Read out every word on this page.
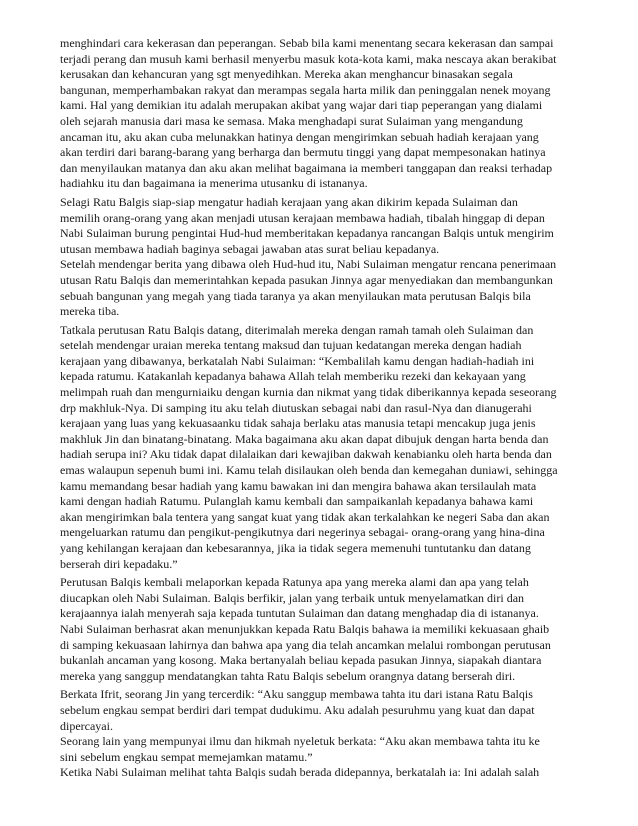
menghindari cara kekerasan dan peperangan. Sebab bila kami menentang secara kekerasan dan sampai
terjadi perang dan musuh kami berhasil menyerbu masuk kota-kota kami, maka nescaya akan berakibat
kerusakan dan kehancuran yang sgt menyedihkan. Mereka akan menghancur binasakan segala
bangunan, memperhambakan rakyat dan merampas segala harta milik dan peninggalan nenek moyang
kami. Hal yang demikian itu adalah merupakan akibat yang wajar dari tiap peperangan yang dialami
oleh sejarah manusia dari masa ke semasa. Maka menghadapi surat Sulaiman yang mengandung
ancaman itu, aku akan cuba melunakkan hatinya dengan mengirimkan sebuah hadiah kerajaan yang
akan terdiri dari barang-barang yang berharga dan bermutu tinggi yang dapat mempesonakan hatinya
dan menyilaukan matanya dan aku akan melihat bagaimana ia memberi tanggapan dan reaksi terhadap
hadiahku itu dan bagaimana ia menerima utusanku di istananya.

Selagi Ratu Balgis siap-siap mengatur hadiah kerajaan yang akan dikirim kepada Sulaiman dan
memilih orang-orang yang akan menjadi utusan kerajaan membawa hadiah, tibalah hinggap di depan
Nabi Sulaiman burung pengintai Hud-hud memberitakan kepadanya rancangan Balqis untuk mengirim
utusan membawa hadiah baginya sebagai jawaban atas surat beliau kepadanya.
Setelah mendengar berita yang dibawa oleh Hud-hud itu, Nabi Sulaiman mengatur rencana penerimaan
utusan Ratu Balqis dan memerintahkan kepada pasukan Jinnya agar menyediakan dan membangunkan
sebuah bangunan yang megah yang tiada taranya ya akan menyilaukan mata perutusan Balqis bila
mereka tiba.

Tatkala perutusan Ratu Balqis datang, diterimalah mereka dengan ramah tamah oleh Sulaiman dan
setelah mendengar uraian mereka tentang maksud dan tujuan kedatangan mereka dengan hadiah
kerajaan yang dibawanya, berkatalah Nabi Sulaiman: “Kembalilah kamu dengan hadiah-hadiah ini
kepada ratumu. Katakanlah kepadanya bahawa Allah telah memberiku rezeki dan kekayaan yang
melimpah ruah dan mengurniaiku dengan kurnia dan nikmat yang tidak diberikannya kepada seseorang
drp makhluk-Nya. Di samping itu aku telah diutuskan sebagai nabi dan rasul-Nya dan dianugerahi
kerajaan yang luas yang kekuasaanku tidak sahaja berlaku atas manusia tetapi mencakup juga jenis
makhluk Jin dan binatang-binatang. Maka bagaimana aku akan dapat dibujuk dengan harta benda dan
hadiah serupa ini? Aku tidak dapat dilalaikan dari kewajiban dakwah kenabianku oleh harta benda dan
emas walaupun sepenuh bumi ini. Kamu telah disilaukan oleh benda dan kemegahan duniawi, sehingga
kamu memandang besar hadiah yang kamu bawakan ini dan mengira bahawa akan tersilaulah mata
kami dengan hadiah Ratumu. Pulanglah kamu kembali dan sampaikanlah kepadanya bahawa kami
akan mengirimkan bala tentera yang sangat kuat yang tidak akan terkalahkan ke negeri Saba dan akan
mengeluarkan ratumu dan pengikut-pengikutnya dari negerinya sebagai- orang-orang yang hina-dina
yang kehilangan kerajaan dan kebesarannya, jika ia tidak segera memenuhi tuntutanku dan datang
berserah diri kepadaku.”

Perutusan Balqis kembali melaporkan kepada Ratunya apa yang mereka alami dan apa yang telah
diucapkan oleh Nabi Sulaiman. Balqis berfikir, jalan yang terbaik untuk menyelamatkan diri dan
kerajaannya ialah menyerah saja kepada tuntutan Sulaiman dan datang menghadap dia di istananya.
Nabi Sulaiman berhasrat akan menunjukkan kepada Ratu Balqis bahawa ia memiliki kekuasaan ghaib
di samping kekuasaan lahirnya dan bahwa apa yang dia telah ancamkan melalui rombongan perutusan
bukanlah ancaman yang kosong. Maka bertanyalah beliau kepada pasukan Jinnya, siapakah diantara
mereka yang sanggup mendatangkan tahta Ratu Balqis sebelum orangnya datang berserah diri.

Berkata Ifrit, seorang Jin yang tercerdik: “Aku sanggup membawa tahta itu dari istana Ratu Balqis
sebelum engkau sempat berdiri dari tempat dudukimu. Aku adalah pesuruhmu yang kuat dan dapat
dipercayai.
Seorang lain yang mempunyai ilmu dan hikmah nyeletuk berkata: “Aku akan membawa tahta itu ke
sini sebelum engkau sempat memejamkan matamu.”
Ketika Nabi Sulaiman melihat tahta Balqis sudah berada didepannya, berkatalah ia: Ini adalah salah
